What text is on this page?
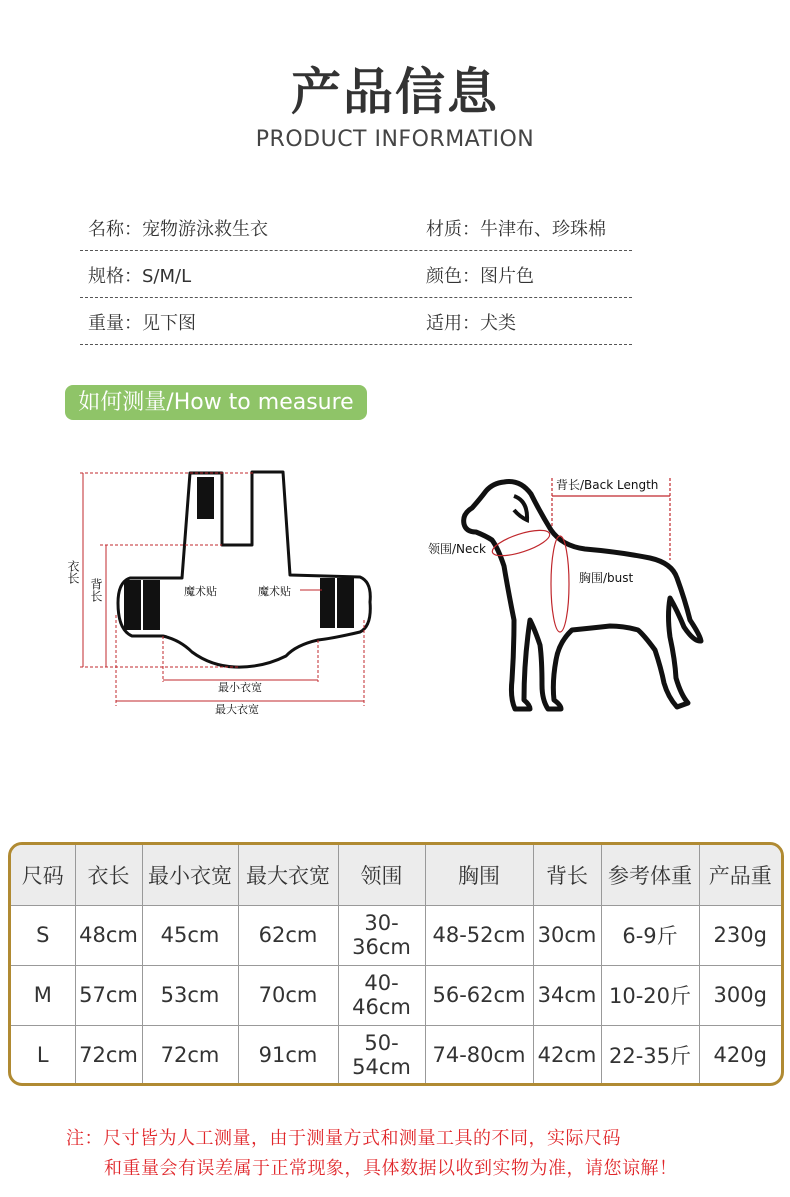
产品信息
PRODUCT INFORMATION
名称：宠物游泳救生衣	材质：牛津布、珍珠棉
规格：S/M/L	颜色：图片色
重量：见下图	适用：犬类
如何测量/How to measure
衣长
背长	魔术贴	魔术贴
最小衣宽
最大衣宽
背长/Back Length
领围/Neck
胸围/bust
尺码	衣长	最小衣宽	最大衣宽	领围	胸围	背长	参考体重	产品重
S	48cm	45cm	62cm	30-36cm	48-52cm	30cm	6-9斤	230g
M	57cm	53cm	70cm	40-46cm	56-62cm	34cm	10-20斤	300g
L	72cm	72cm	91cm	50-54cm	74-80cm	42cm	22-35斤	420g
注：尺寸皆为人工测量，由于测量方式和测量工具的不同，实际尺码
和重量会有误差属于正常现象，具体数据以收到实物为准，请您谅解！
